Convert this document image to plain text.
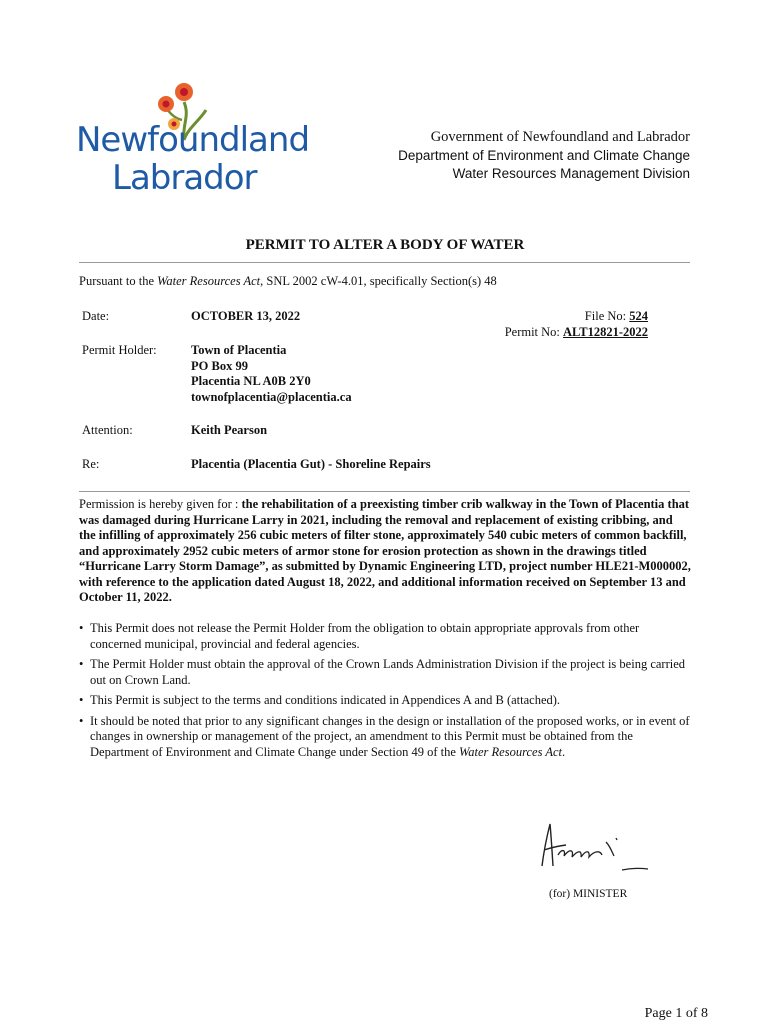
Newfoundland
Labrador
Government of Newfoundland and Labrador
Department of Environment and Climate Change
Water Resources Management Division
PERMIT TO ALTER A BODY OF WATER
Pursuant to the Water Resources Act, SNL 2002 cW-4.01, specifically Section(s) 48
Date:	OCTOBER 13, 2022	File No: 524
Permit No: ALT12821-2022
Permit Holder:	Town of Placentia
PO Box 99
Placentia NL A0B 2Y0
townofplacentia@placentia.ca
Attention:	Keith Pearson
Re:	Placentia (Placentia Gut) - Shoreline Repairs
Permission is hereby given for : the rehabilitation of a preexisting timber crib walkway in the Town of Placentia that was damaged during Hurricane Larry in 2021, including the removal and replacement of existing cribbing, and the infilling of approximately 256 cubic meters of filter stone, approximately 540 cubic meters of common backfill, and approximately 2952 cubic meters of armor stone for erosion protection as shown in the drawings titled “Hurricane Larry Storm Damage”, as submitted by Dynamic Engineering LTD, project number HLE21-M000002, with reference to the application dated August 18, 2022, and additional information received on September 13 and October 11, 2022.
• This Permit does not release the Permit Holder from the obligation to obtain appropriate approvals from other concerned municipal, provincial and federal agencies.
• The Permit Holder must obtain the approval of the Crown Lands Administration Division if the project is being carried out on Crown Land.
• This Permit is subject to the terms and conditions indicated in Appendices A and B (attached).
• It should be noted that prior to any significant changes in the design or installation of the proposed works, or in event of changes in ownership or management of the project, an amendment to this Permit must be obtained from the Department of Environment and Climate Change under Section 49 of the Water Resources Act.
(for) MINISTER
Page 1 of 8
